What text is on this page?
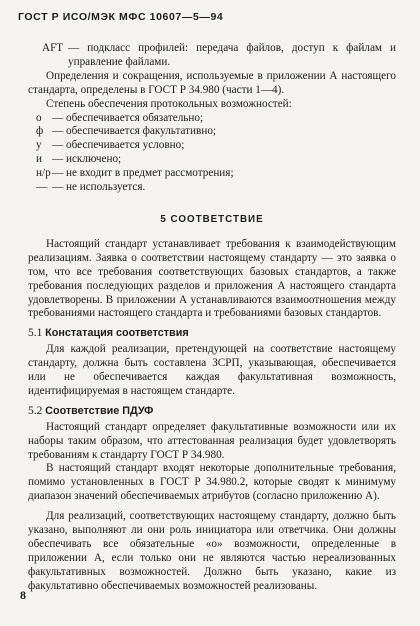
ГОСТ Р ИСО/МЭК МФС 10607—5—94
AFT — подкласс профилей: передача файлов, доступ к файлам и управление файлами.

Определения и сокращения, используемые в приложении А настоящего стандарта, определены в ГОСТ Р 34.980 (части 1—4).

Степень обеспечения протокольных возможностей:

о — обеспечивается обязательно;
ф — обеспечивается факультативно;
у — обеспечивается условно;
и — исключено;
н/р— не входит в предмет рассмотрения;
— — не используется.
5 СООТВЕТСТВИЕ

Настоящий стандарт устанавливает требования к взаимодействующим реализациям. Заявка о соответствии настоящему стандарту — это заявка о том, что все требования соответствующих базовых стандартов, а также требования последующих разделов и приложения А настоящего стандарта удовлетворены. В приложении А устанавливаются взаимоотношения между требованиями настоящего стандарта и требованиями базовых стандартов.

5.1 Констатация соответствия

Для каждой реализации, претендующей на соответствие настоящему стандарту, должна быть составлена ЗСРП, указывающая, обеспечивается или не обеспечивается каждая факультативная возможность, идентифицируемая в настоящем стандарте.

5.2 Соответствие ПДУФ

Настоящий стандарт определяет факультативные возможности или их наборы таким образом, что аттестованная реализация будет удовлетворять требованиям к стандарту ГОСТ Р 34.980.

В настоящий стандарт входят некоторые дополнительные требования, помимо установленных в ГОСТ Р 34.980.2, которые сводят к минимуму диапазон значений обеспечиваемых атрибутов (согласно приложению А).

Для реализаций, соответствующих настоящему стандарту, должно быть указано, выполняют ли они роль инициатора или ответчика. Они должны обеспечивать все обязательные «о» возможности, определенные в приложении А, если только они не являются частью нереализованных факультативных возможностей. Должно быть указано, какие из факультативно обеспечиваемых возможностей реализованы.

8
